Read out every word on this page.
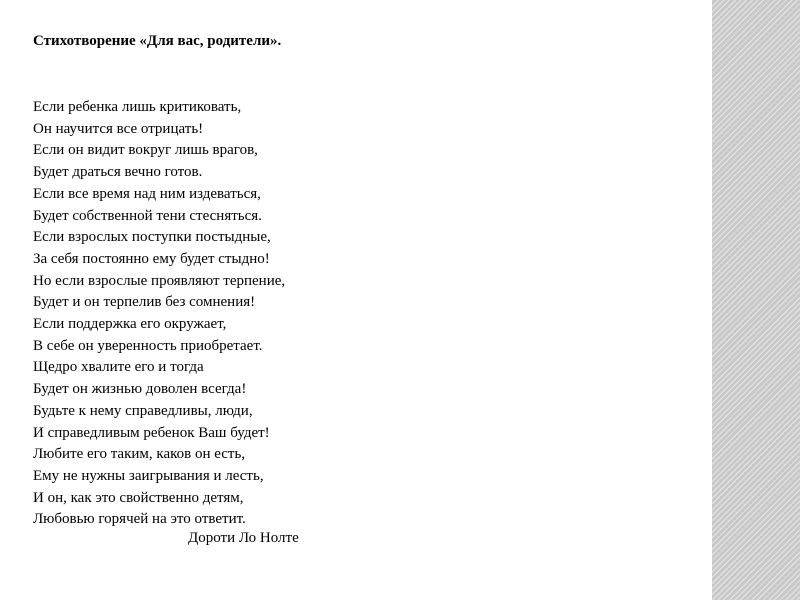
Стихотворение «Для вас, родители».
Если ребенка лишь критиковать,
Он научится все отрицать!
Если он видит вокруг лишь врагов,
Будет драться вечно готов.
Если все время над ним издеваться,
Будет собственной тени стесняться.
Если взрослых поступки постыдные,
За себя постоянно ему будет стыдно!
Но если взрослые проявляют терпение,
Будет и он терпелив без сомнения!
Если поддержка его окружает,
В себе он уверенность приобретает.
Щедро хвалите его и тогда
Будет он жизнью доволен всегда!
Будьте к нему справедливы, люди,
И справедливым ребенок Ваш будет!
Любите его таким, каков он есть,
Ему не нужны заигрывания и лесть,
И он, как это свойственно детям,
Любовью горячей на это ответит.
Дороти Ло Нолте
